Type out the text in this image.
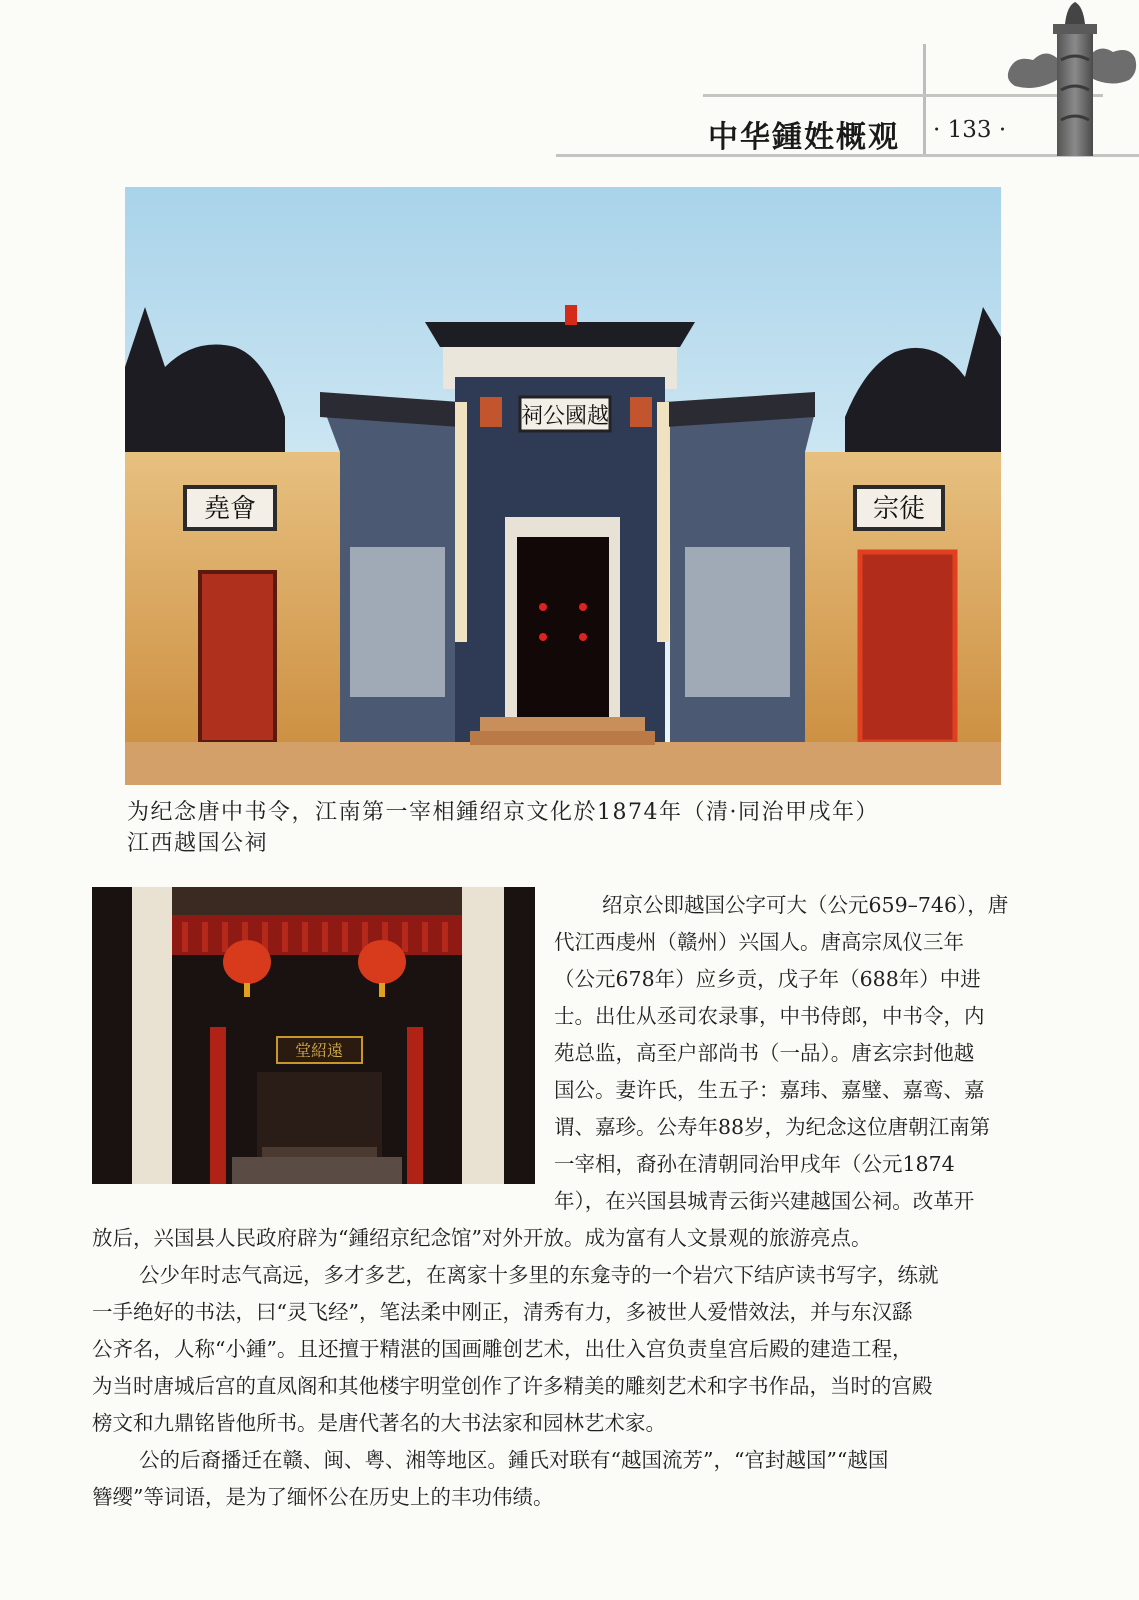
中华鍾姓概观 · 133 ·
堯會	宗徒
祠公國越
为纪念唐中书令，江南第一宰相鍾绍京文化於1874年（清·同治甲戌年）
江西越国公祠
堂紹遠
绍京公即越国公字可大（公元659–746），唐
代江西虔州（赣州）兴国人。唐高宗凤仪三年
（公元678年）应乡贡，戊子年（688年）中进
士。出仕从丞司农录事，中书侍郎，中书令，内
苑总监，高至户部尚书（一品）。唐玄宗封他越
国公。妻许氏，生五子：嘉玮、嘉璧、嘉鸾、嘉
谓、嘉珍。公寿年88岁，为纪念这位唐朝江南第
一宰相，裔孙在清朝同治甲戌年（公元1874
年），在兴国县城青云街兴建越国公祠。改革开
放后，兴国县人民政府辟为“鍾绍京纪念馆”对外开放。成为富有人文景观的旅游亮点。
公少年时志气高远，多才多艺，在离家十多里的东龛寺的一个岩穴下结庐读书写字，练就
一手绝好的书法，曰“灵飞经”，笔法柔中刚正，清秀有力，多被世人爱惜效法，并与东汉繇
公齐名，人称“小鍾”。且还擅于精湛的国画雕创艺术，出仕入宫负责皇宫后殿的建造工程，
为当时唐城后宫的直凤阁和其他楼宇明堂创作了许多精美的雕刻艺术和字书作品，当时的宫殿
榜文和九鼎铭皆他所书。是唐代著名的大书法家和园林艺术家。
公的后裔播迁在赣、闽、粤、湘等地区。鍾氏对联有“越国流芳”，“官封越国”“越国
簪缨”等词语，是为了缅怀公在历史上的丰功伟绩。
